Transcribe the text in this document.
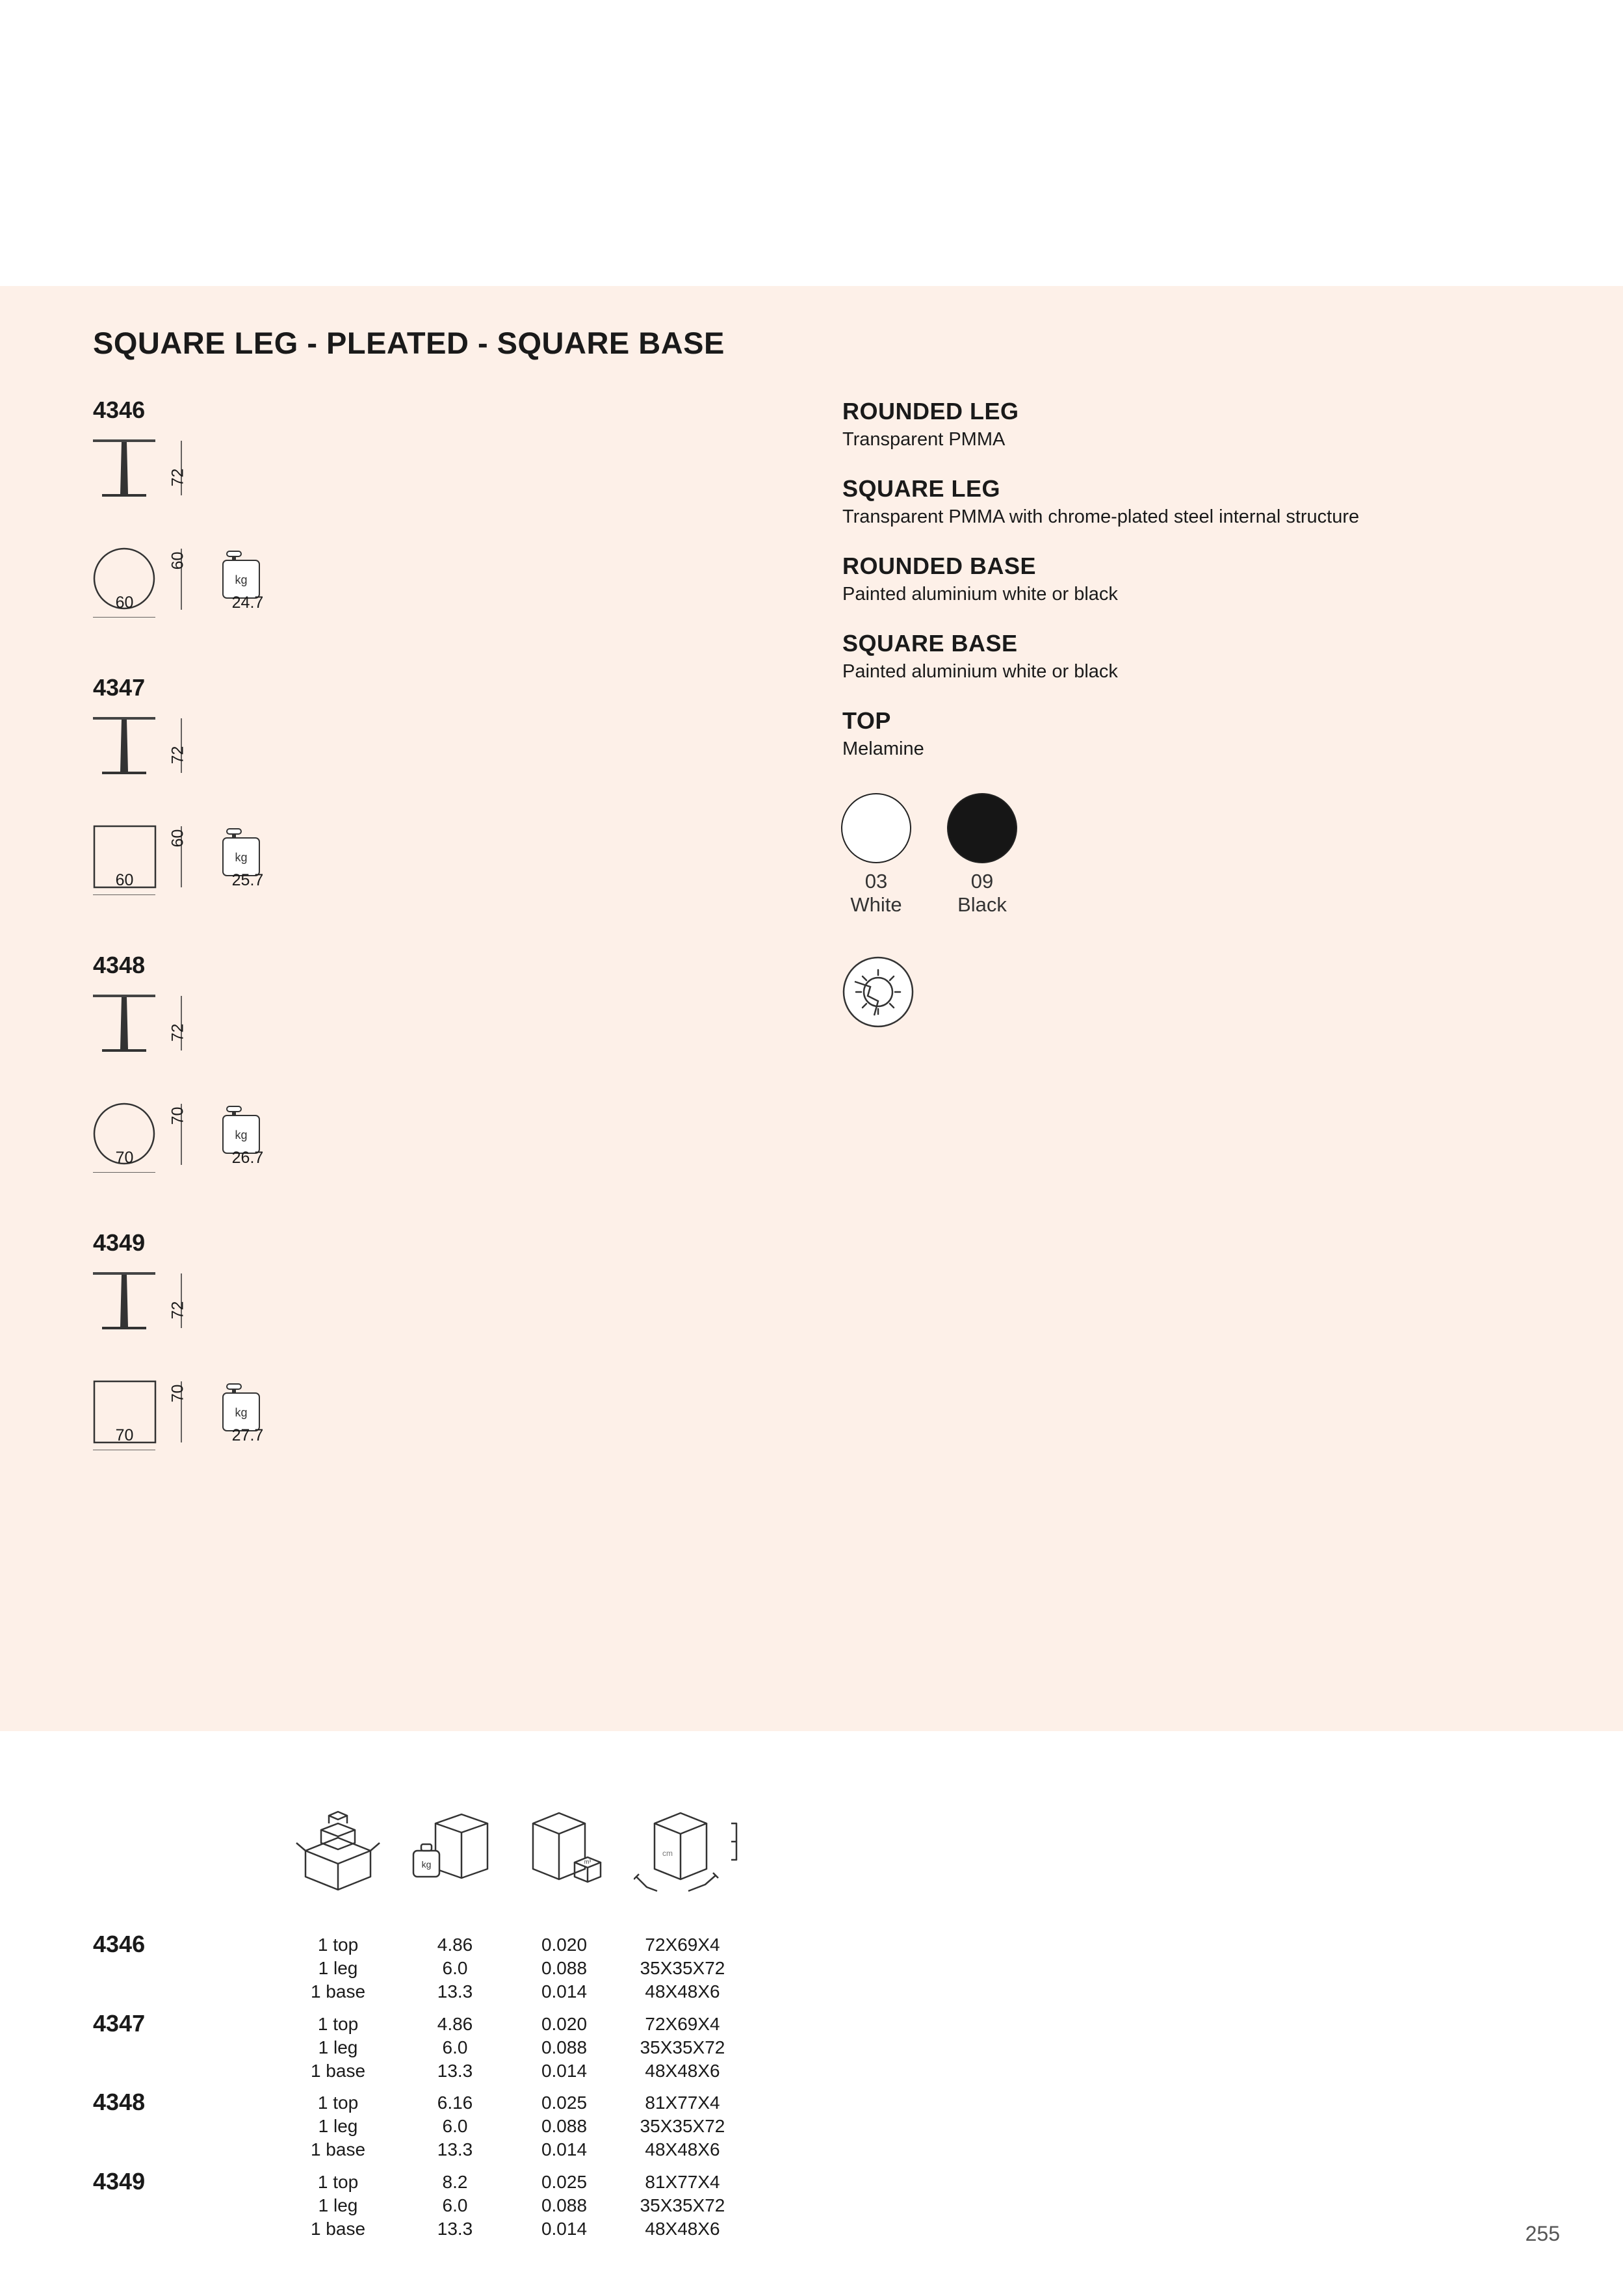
SQUARE LEG - PLEATED - SQUARE BASE
4346
kg
72
60
60	24.7
4347
kg
72
60
60	25.7
4348
kg
72
70
70	26.7
4349
kg
72
70
70	27.7
ROUNDED LEG
Transparent PMMA
SQUARE LEG
Transparent PMMA with chrome-plated steel internal structure
ROUNDED BASE
Painted aluminium white or black
SQUARE BASE
Painted aluminium white or black
TOP
Melamine
03
White
09
Black
kg	m³
cm
4346	1 top	4.86	0.020	72X69X4
1 leg	6.0	0.088	35X35X72
1 base	13.3	0.014	48X48X6
4347	1 top	4.86	0.020	72X69X4
1 leg	6.0	0.088	35X35X72
1 base	13.3	0.014	48X48X6
4348	1 top	6.16	0.025	81X77X4
1 leg	6.0	0.088	35X35X72
1 base	13.3	0.014	48X48X6
4349	1 top	8.2	0.025	81X77X4
1 leg	6.0	0.088	35X35X72
1 base	13.3	0.014	48X48X6	255
